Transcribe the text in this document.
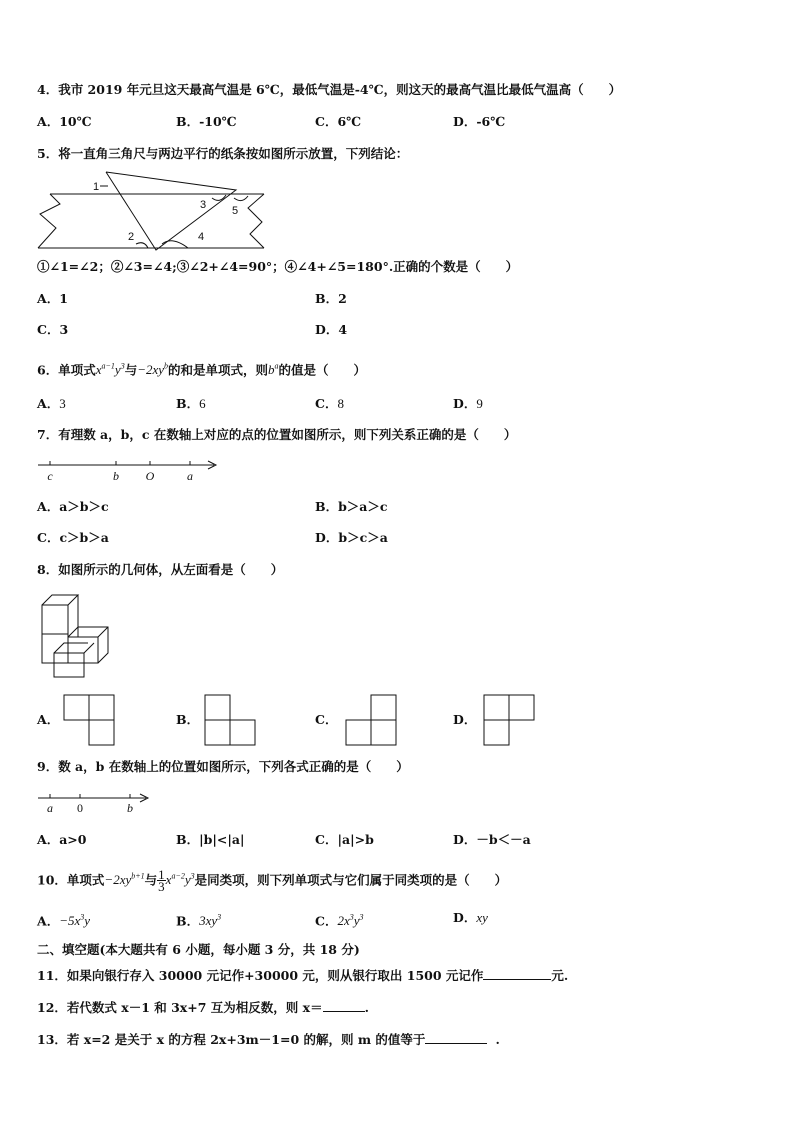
4．我市 2019 年元旦这天最高气温是 6℃，最低气温是-4℃，则这天的最高气温比最低气温高（　　）
A．10℃	B．-10℃	C．6℃	D．-6℃
5．将一直角三角尺与两边平行的纸条按如图所示放置，下列结论：
1
2
3
4
5
①∠1=∠2；②∠3=∠4;③∠2+∠4=90°；④∠4+∠5=180°.正确的个数是（　　）
A．1	B．2
C．3	D．4
6．单项式$x^{a-1}y^3$与$-2xy^b$的和是单项式，则$b^a$的值是（　　）
A．3	B．6	C．8	D．9
7．有理数 a，b，c 在数轴上对应的点的位置如图所示，则下列关系正确的是（　　）
c	b O	a
A．a＞b＞c	B．b＞a＞c
C．c＞b＞a	D．b＞c＞a
8．如图所示的几何体，从左面看是（　　）
A．	B．	C．	D．
9．数 a，b 在数轴上的位置如图所示，下列各式正确的是（　　）
a 0	b
A．a>0	B．|b|<|a|	C．|a|>b	D．－b＜－a
10．单项式$-2xy^{b+1}$与 $\frac{1}{3} x^{a-2}y^3$是同类项，则下列单项式与它们属于同类项的是（　　）
A．$-5x^3y$	B．$3xy^3$	C．$2x^3y^3$	D．xy
二、填空题(本大题共有 6 小题，每小题 3 分，共 18 分)
11．如果向银行存入 30000 元记作+30000 元，则从银行取出 1500 元记作	元.
12．若代数式 x－1 和 3x+7 互为相反数，则 x＝	.
13．若 x=2 是关于 x 的方程 2x+3m－1=0 的解，则 m 的值等于	.
